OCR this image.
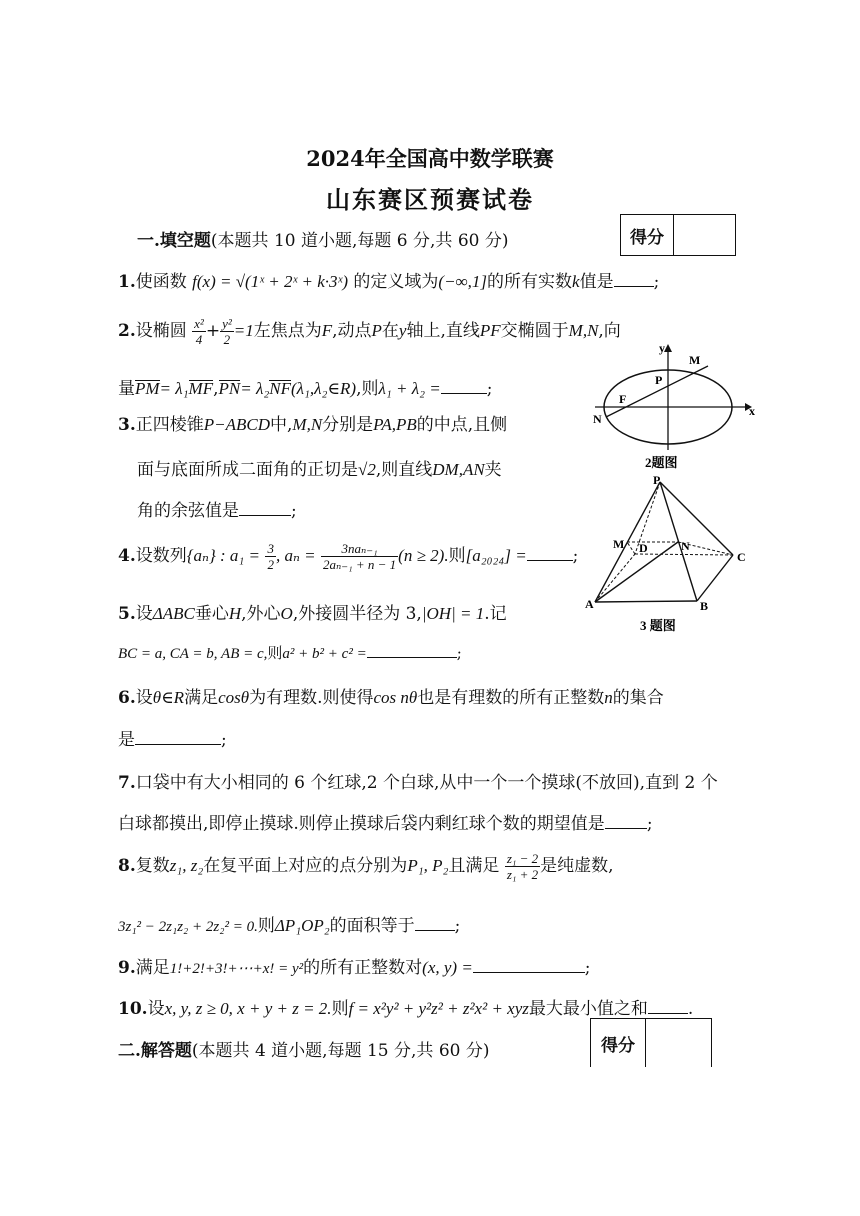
2024年全国高中数学联赛
山东赛区预赛试卷
一.填空题(本题共 10 道小题,每题 6 分,共 60 分)	得分
1.使函数 f(x) = √(1ˣ + 2ˣ + k·3ˣ) 的定义域为(−∞,1]的所有实数k值是 ;
2.设椭圆 $\frac{\text{x²}}{4} + \frac{\text{y²}}{2} =1$左焦点为F,动点P在y轴上,直线PF交椭圆于M,N,向
量PM= λ₁MF,PN= λ₂NF(λ₁,λ₂∈R),则λ₁ + λ₂ =	;
3.正四棱锥P−ABCD中,M,N分别是PA,PB的中点,且侧
面与底面所成二面角的正切是√2,则直线DM,AN夹
角的余弦值是	;
4.设数列{aₙ} : $a_1 = \frac{3}{2}$ , $a_n = \frac{\text{3naₙ₋₁}}{\text{2aₙ₋₁ + n − 1}} (n \ge 2)$.则[a₂₀₂₄] =	;
5.设ΔABC垂心H,外心O,外接圆半径为 3,|OH| = 1.记
BC = a, CA = b, AB = c,则a² + b² + c² =	;
6.设θ∈R满足cosθ为有理数.则使得cos nθ也是有理数的所有正整数n的集合
是	;
7.口袋中有大小相同的 6 个红球,2 个白球,从中一个一个摸球(不放回),直到 2 个
白球都摸出,即停止摸球.则停止摸球后袋内剩红球个数的期望值是 ;
8.复数z₁, z₂在复平面上对应的点分别为P₁, P₂且满足 $\frac{\text{z₁ − 2}}{\text{z₁ + 2}}$ 是纯虚数,
3z₁² − 2z₁z₂ + 2z₂² = 0.则ΔP₁OP₂的面积等于 ;
9.满足1!+2!+3!+⋯+x! = y²的所有正整数对(x, y) =	;
10.设x, y, z ≥ 0, x + y + z = 2.则f = x²y² + y²z² + z²x² + xyz最大最小值之和 .
二.解答题(本题共 4 道小题,每题 15 分,共 60 分)	得分
x
y
M
N
P
F
2题图
P
M D	N
C
A	B
3 题图
